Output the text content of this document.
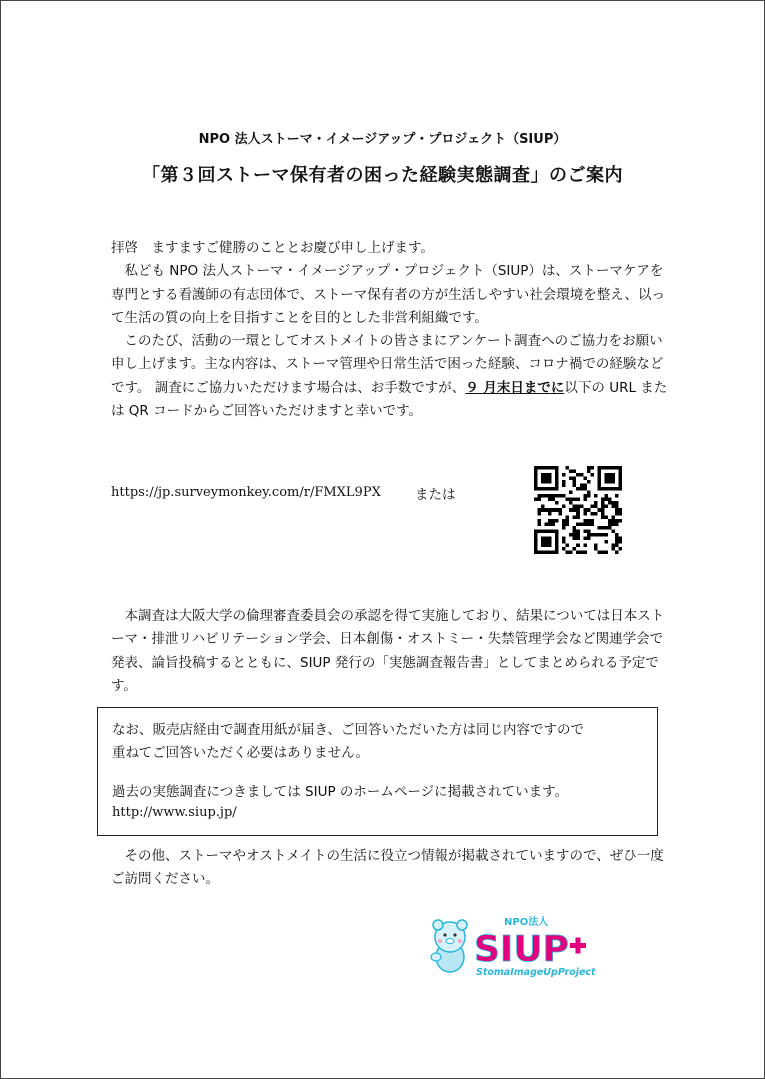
NPO 法人ストーマ・イメージアップ・プロジェクト（SIUP）
「第３回ストーマ保有者の困った経験実態調査」のご案内

拝啓　ますますご健勝のこととお慶び申し上げます。

　私ども NPO 法人ストーマ・イメージアップ・プロジェクト（SIUP）は、ストーマケアを専門とする看護師の有志団体で、ストーマ保有者の方が生活しやすい社会環境を整え、以って生活の質の向上を目指すことを目的とした非営利組織です。

　このたび、活動の一環としてオストメイトの皆さまにアンケート調査へのご協力をお願い申し上げます。主な内容は、ストーマ管理や日常生活で困った経験、コロナ禍での経験などです。 調査にご協力いただけます場合は、お手数ですが、９ 月末日までに以下の URL または QR コードからご回答いただけますと幸いです。

https://jp.surveymonkey.com/r/FMXL9PX	または
　本調査は大阪大学の倫理審査委員会の承認を得て実施しており、結果については日本ストーマ・排泄リハビリテーション学会、日本創傷・オストミー・失禁管理学会など関連学会で発表、論旨投稿するとともに、SIUP 発行の「実態調査報告書」としてまとめられる予定です。
なお、販売店経由で調査用紙が届き、ご回答いただいた方は同じ内容ですので
重ねてご回答いただく必要はありません。
過去の実態調査につきましては SIUP のホームページに掲載されています。
http://www.siup.jp/
　その他、ストーマやオストメイトの生活に役立つ情報が掲載されていますので、ぜひ一度ご訪問ください。
NPO法人
SIUP
StomaImageUpProject
